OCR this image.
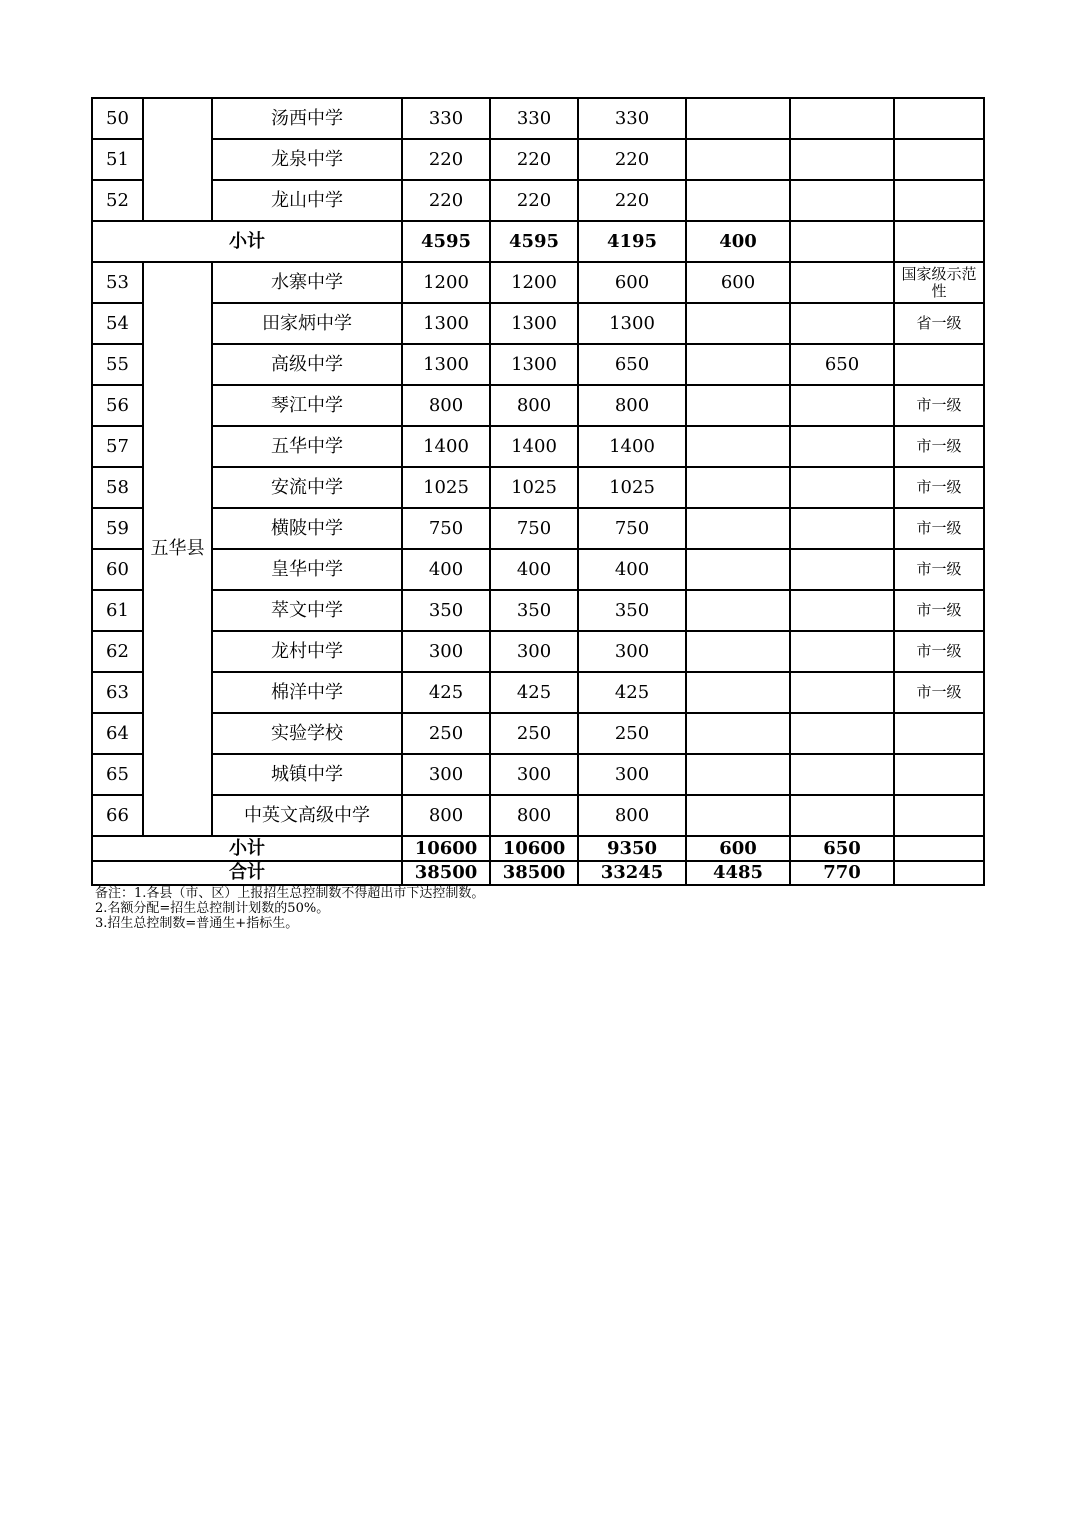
50		汤西中学	330	330	330			
51		龙泉中学	220	220	220			
52		龙山中学	220	220	220			
小计			4595	4595	4195	400		
53	五华县	水寨中学	1200	1200	600	600		国家级示范性
54		田家炳中学	1300	1300	1300			省一级
55		高级中学	1300	1300	650		650	
56		琴江中学	800	800	800			市一级
57		五华中学	1400	1400	1400			市一级
58		安流中学	1025	1025	1025			市一级
59		横陂中学	750	750	750			市一级
60		皇华中学	400	400	400			市一级
61		萃文中学	350	350	350			市一级
62		龙村中学	300	300	300			市一级
63		棉洋中学	425	425	425			市一级
64		实验学校	250	250	250			
65		城镇中学	300	300	300			
66		中英文高级中学	800	800	800			
小计			10600	10600	9350	600	650	
合计			38500	38500	33245	4485	770	
备注：1.各县（市、区）上报招生总控制数不得超出市下达控制数。
2.名额分配=招生总控制计划数的50%。
3.招生总控制数=普通生+指标生。
